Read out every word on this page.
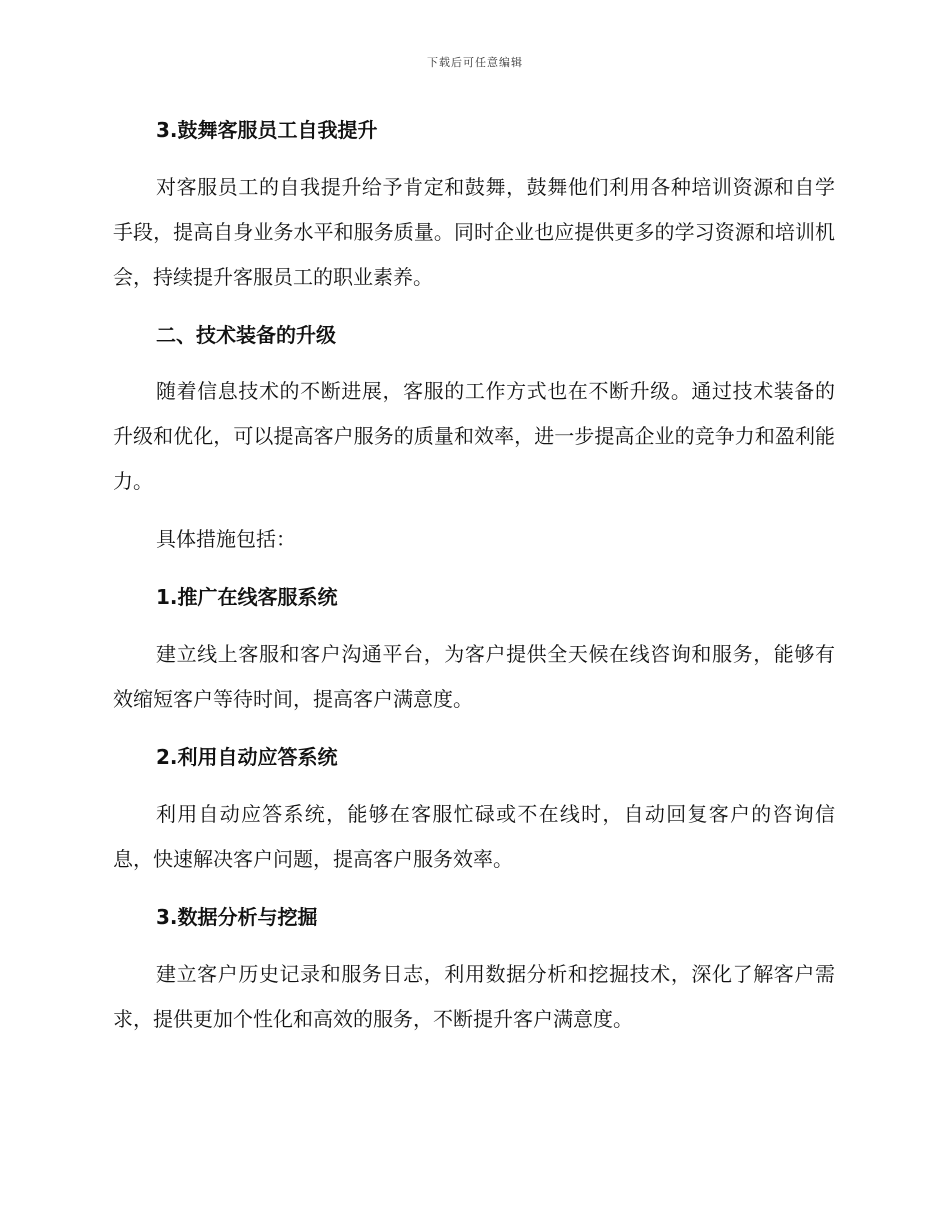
下载后可任意编辑
3.鼓舞客服员工自我提升

对客服员工的自我提升给予肯定和鼓舞，鼓舞他们利用各种培训资源和自学手段，提高自身业务水平和服务质量。同时企业也应提供更多的学习资源和培训机会，持续提升客服员工的职业素养。

二、技术装备的升级

随着信息技术的不断进展，客服的工作方式也在不断升级。通过技术装备的升级和优化，可以提高客户服务的质量和效率，进一步提高企业的竞争力和盈利能力。

具体措施包括：

1.推广在线客服系统

建立线上客服和客户沟通平台，为客户提供全天候在线咨询和服务，能够有效缩短客户等待时间，提高客户满意度。

2.利用自动应答系统

利用自动应答系统，能够在客服忙碌或不在线时，自动回复客户的咨询信息，快速解决客户问题，提高客户服务效率。

3.数据分析与挖掘

建立客户历史记录和服务日志，利用数据分析和挖掘技术，深化了解客户需求，提供更加个性化和高效的服务，不断提升客户满意度。
